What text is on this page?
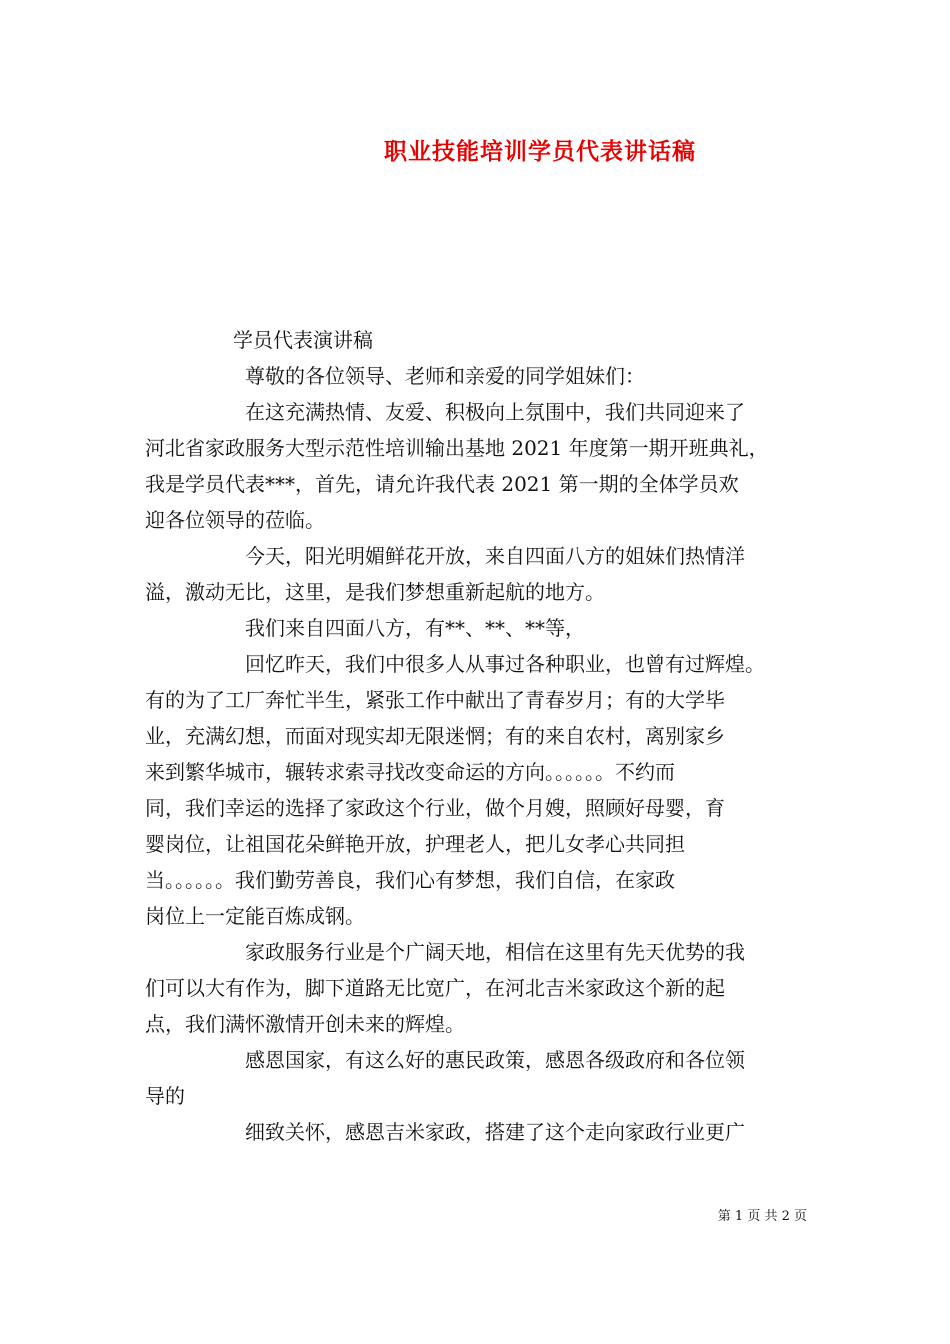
职业技能培训学员代表讲话稿
学员代表演讲稿
尊敬的各位领导、老师和亲爱的同学姐妹们：
在这充满热情、友爱、积极向上氛围中，我们共同迎来了
河北省家政服务大型示范性培训输出基地 2021 年度第一期开班典礼，
我是学员代表***，首先，请允许我代表 2021 第一期的全体学员欢
迎各位领导的莅临。
今天，阳光明媚鲜花开放，来自四面八方的姐妹们热情洋
溢，激动无比，这里，是我们梦想重新起航的地方。
我们来自四面八方，有**、**、**等，
回忆昨天，我们中很多人从事过各种职业，也曾有过辉煌。
有的为了工厂奔忙半生，紧张工作中献出了青春岁月；有的大学毕
业，充满幻想，而面对现实却无限迷惘；有的来自农村，离别家乡
来到繁华城市，辗转求索寻找改变命运的方向。。。。。。不约而
同，我们幸运的选择了家政这个行业，做个月嫂，照顾好母婴，育
婴岗位，让祖国花朵鲜艳开放，护理老人，把儿女孝心共同担
当。。。。。。我们勤劳善良，我们心有梦想，我们自信，在家政
岗位上一定能百炼成钢。
家政服务行业是个广阔天地，相信在这里有先天优势的我
们可以大有作为，脚下道路无比宽广，在河北吉米家政这个新的起
点，我们满怀激情开创未来的辉煌。
感恩国家，有这么好的惠民政策，感恩各级政府和各位领
导的
细致关怀，感恩吉米家政，搭建了这个走向家政行业更广
第 1 页 共 2 页
